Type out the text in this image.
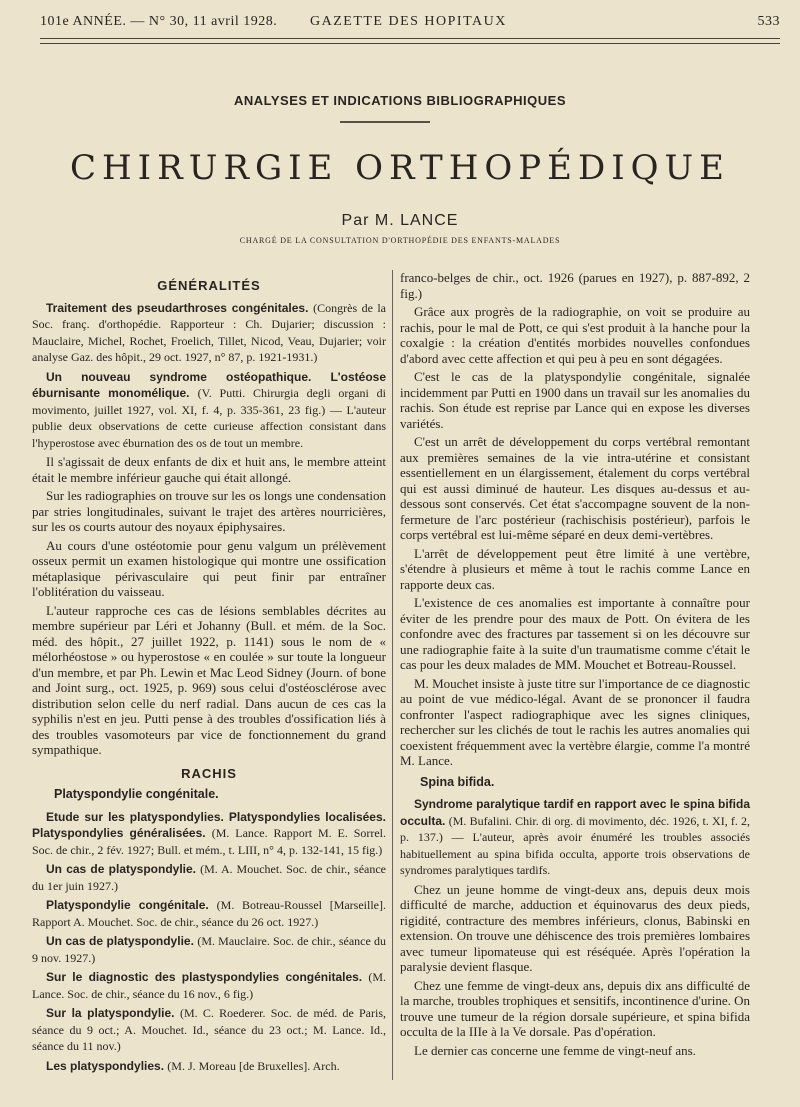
101e ANNÉE. — N° 30, 11 avril 1928. GAZETTE DES HOPITAUX	533
ANALYSES ET INDICATIONS BIBLIOGRAPHIQUES
CHIRURGIE ORTHOPÉDIQUE
Par M. LANCE
CHARGÉ DE LA CONSULTATION D'ORTHOPÉDIE DES ENFANTS-MALADES
GÉNÉRALITÉS

Traitement des pseudarthroses congénitales. (Congrès de la Soc. franç. d'orthopédie. Rapporteur : Ch. Dujarier; discussion : Mauclaire, Michel, Rochet, Froelich, Tillet, Nicod, Veau, Dujarier; voir analyse Gaz. des hôpit., 29 oct. 1927, n° 87, p. 1921-1931.)

Un nouveau syndrome ostéopathique. L'ostéose éburnisante monomélique. (V. Putti. Chirurgia degli organi di movimento, juillet 1927, vol. XI, f. 4, p. 335-361, 23 fig.) — L'auteur publie deux observations de cette curieuse affection consistant dans l'hyperostose avec éburnation des os de tout un membre.

Il s'agissait de deux enfants de dix et huit ans, le membre atteint était le membre inférieur gauche qui était allongé.

Sur les radiographies on trouve sur les os longs une condensation par stries longitudinales, suivant le trajet des artères nourricières, sur les os courts autour des noyaux épiphysaires.

Au cours d'une ostéotomie pour genu valgum un prélèvement osseux permit un examen histologique qui montre une ossification métaplasique périvasculaire qui peut finir par entraîner l'oblitération du vaisseau.

L'auteur rapproche ces cas de lésions semblables décrites au membre supérieur par Léri et Johanny (Bull. et mém. de la Soc. méd. des hôpit., 27 juillet 1922, p. 1141) sous le nom de « mélorhéostose » ou hyperostose « en coulée » sur toute la longueur d'un membre, et par Ph. Lewin et Mac Leod Sidney (Journ. of bone and Joint surg., oct. 1925, p. 969) sous celui d'ostéosclérose avec distribution selon celle du nerf radial. Dans aucun de ces cas la syphilis n'est en jeu. Putti pense à des troubles d'ossification liés à des troubles vasomoteurs par vice de fonctionnement du grand sympathique.

RACHIS
Platyspondylie congénitale.

Etude sur les platyspondylies. Platyspondylies localisées. Platyspondylies généralisées. (M. Lance. Rapport M. E. Sorrel. Soc. de chir., 2 fév. 1927; Bull. et mém., t. LIII, n° 4, p. 132-141, 15 fig.)

Un cas de platyspondylie. (M. A. Mouchet. Soc. de chir., séance du 1er juin 1927.)

Platyspondylie congénitale. (M. Botreau-Roussel [Marseille]. Rapport A. Mouchet. Soc. de chir., séance du 26 oct. 1927.)

Un cas de platyspondylie. (M. Mauclaire. Soc. de chir., séance du 9 nov. 1927.)

Sur le diagnostic des plastyspondylies congénitales. (M. Lance. Soc. de chir., séance du 16 nov., 6 fig.)

Sur la platyspondylie. (M. C. Roederer. Soc. de méd. de Paris, séance du 9 oct.; A. Mouchet. Id., séance du 23 oct.; M. Lance. Id., séance du 11 nov.)

Les platyspondylies. (M. J. Moreau [de Bruxelles]. Arch.

franco-belges de chir., oct. 1926 (parues en 1927), p. 887-892, 2 fig.)

Grâce aux progrès de la radiographie, on voit se produire au rachis, pour le mal de Pott, ce qui s'est produit à la hanche pour la coxalgie : la création d'entités morbides nouvelles confondues d'abord avec cette affection et qui peu à peu en sont dégagées.

C'est le cas de la platyspondylie congénitale, signalée incidemment par Putti en 1900 dans un travail sur les anomalies du rachis. Son étude est reprise par Lance qui en expose les diverses variétés.

C'est un arrêt de développement du corps vertébral remontant aux premières semaines de la vie intra-utérine et consistant essentiellement en un élargissement, étalement du corps vertébral qui est aussi diminué de hauteur. Les disques au-dessus et au-dessous sont conservés. Cet état s'accompagne souvent de la non-fermeture de l'arc postérieur (rachischisis postérieur), parfois le corps vertébral est lui-même séparé en deux demi-vertèbres.

L'arrêt de développement peut être limité à une vertèbre, s'étendre à plusieurs et même à tout le rachis comme Lance en rapporte deux cas.

L'existence de ces anomalies est importante à connaître pour éviter de les prendre pour des maux de Pott. On évitera de les confondre avec des fractures par tassement si on les découvre sur une radiographie faite à la suite d'un traumatisme comme c'était le cas pour les deux malades de MM. Mouchet et Botreau-Roussel.

M. Mouchet insiste à juste titre sur l'importance de ce diagnostic au point de vue médico-légal. Avant de se prononcer il faudra confronter l'aspect radiographique avec les signes cliniques, rechercher sur les clichés de tout le rachis les autres anomalies qui coexistent fréquemment avec la vertèbre élargie, comme l'a montré M. Lance.

Spina bifida.

Syndrome paralytique tardif en rapport avec le spina bifida occulta. (M. Bufalini. Chir. di org. di movimento, déc. 1926, t. XI, f. 2, p. 137.) — L'auteur, après avoir énuméré les troubles associés habituellement au spina bifida occulta, apporte trois observations de syndromes paralytiques tardifs.

Chez un jeune homme de vingt-deux ans, depuis deux mois difficulté de marche, adduction et équinovarus des deux pieds, rigidité, contracture des membres inférieurs, clonus, Babinski en extension. On trouve une déhiscence des trois premières lombaires avec tumeur lipomateuse qui est réséquée. Après l'opération la paralysie devient flasque.

Chez une femme de vingt-deux ans, depuis dix ans difficulté de la marche, troubles trophiques et sensitifs, incontinence d'urine. On trouve une tumeur de la région dorsale supérieure, et spina bifida occulta de la IIIe à la Ve dorsale. Pas d'opération.

Le dernier cas concerne une femme de vingt-neuf ans.
